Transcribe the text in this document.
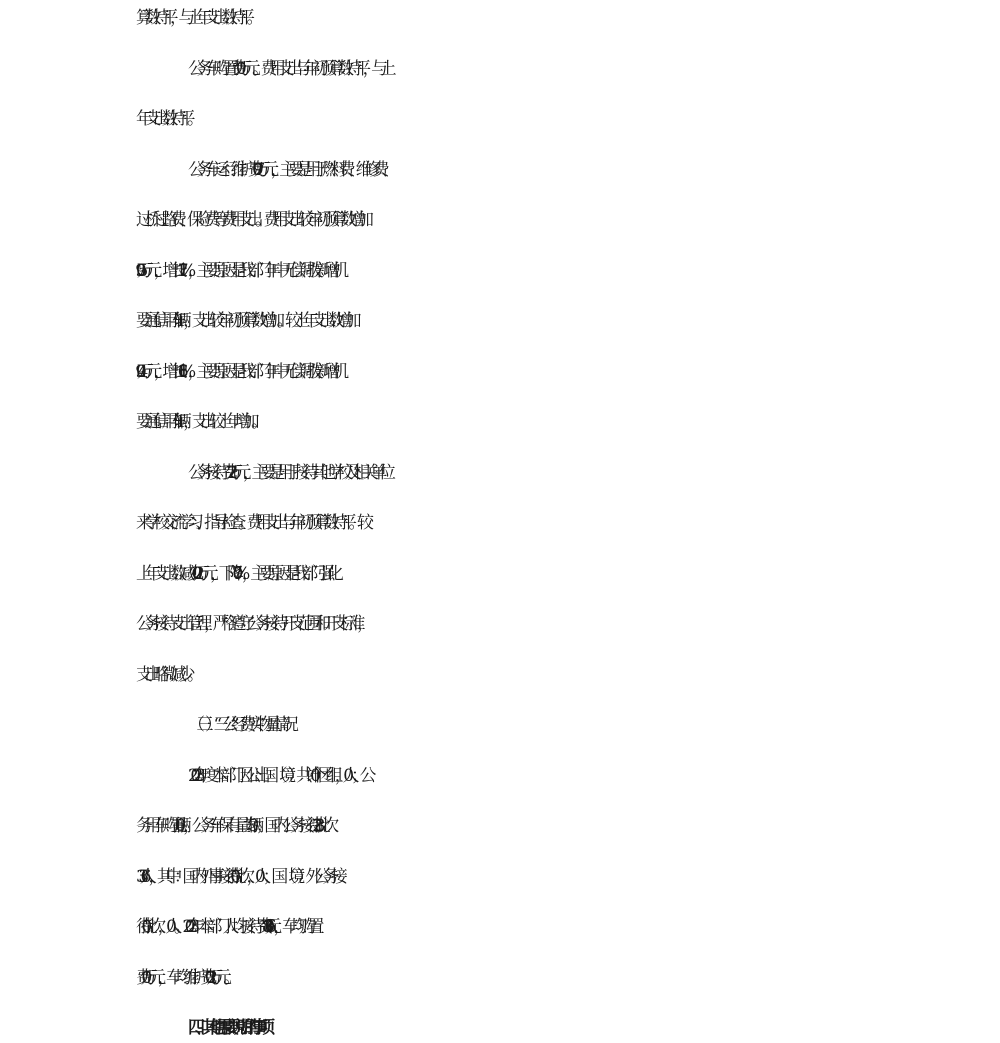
算数持平，与上年支出数持平。

公务车购置费 0 万元。费用支出与年初预算数持平，与上

年支出数持平。

公务车运行维护费 9.07 万元，主要是用于燃料费、维修费、

过桥过路费、保险费等费用支出。费用支出较年初预算数增加

0.95 万元，增长 11.7%，主要原因是我部门年中无偿调拨新增机

要通信用车 1 辆，支出较年初预算数增加。较上年支出数增加

0.94 万元，增长 11.6%，主要原因是我部门年中无偿调拨新增机

要通信用车 1 辆，支出较上年增加。

公务接待费 2.7 万元，主要是用于接待其他学校及相关单位

来学校交流学习、指导检查。费用支出与年初预算数持平。较

上年支出数减少 0.02 万元，下降 0.7%，主要原因是我部门强化

公务接待支出管理，严格遵守公务接待开支范围和开支标准，

支出略微减少。

（三）“三公”经费实物量情况

2023 年度本部门因公出国（境）共计 0 个团组，0 人；公

务用车购置 0 辆，公务车保有量为 3 辆；国内公务接待 28 批次

336 人，其中：国内外事接待 0 批次，0 人；国（境）外公务接

待 0 批次，0 人。2023 年本部门人均接待费 80.36 元，车均购置

费 0 万元，车均维护费 3.02 万元。

四、其他需要说明的事项
